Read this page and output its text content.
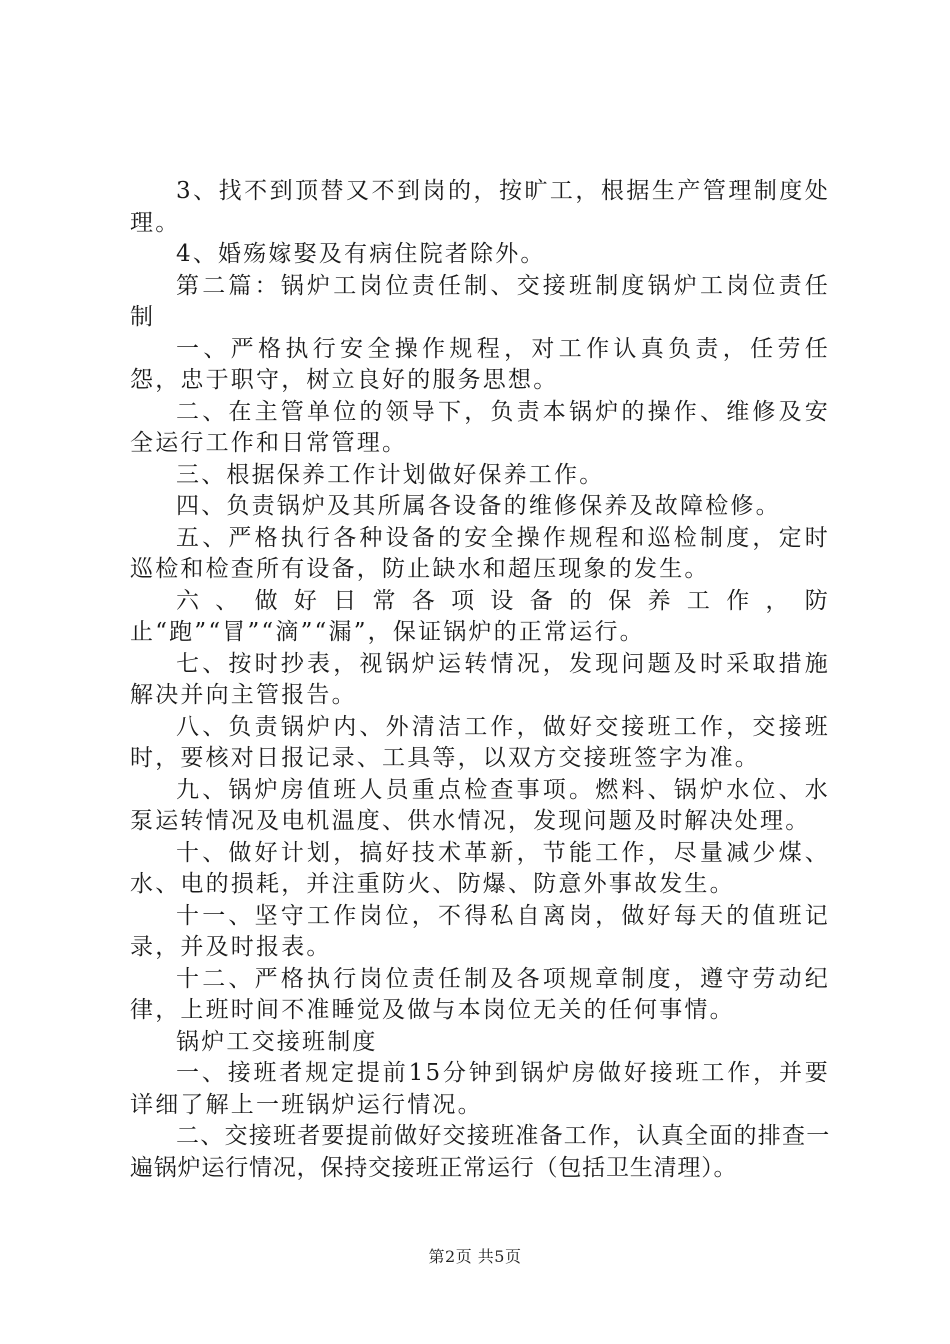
3、找不到顶替又不到岗的，按旷工，根据生产管理制度处理。

4、婚殇嫁娶及有病住院者除外。

第二篇：锅炉工岗位责任制、交接班制度锅炉工岗位责任制

一、严格执行安全操作规程，对工作认真负责，任劳任怨，忠于职守，树立良好的服务思想。

二、在主管单位的领导下，负责本锅炉的操作、维修及安全运行工作和日常管理。

三、根据保养工作计划做好保养工作。

四、负责锅炉及其所属各设备的维修保养及故障检修。

五、严格执行各种设备的安全操作规程和巡检制度，定时巡检和检查所有设备，防止缺水和超压现象的发生。

六、做好日常各项设备的保养工作，防止“跑”“冒”“滴”“漏”，保证锅炉的正常运行。

七、按时抄表，视锅炉运转情况，发现问题及时采取措施解决并向主管报告。

八、负责锅炉内、外清洁工作，做好交接班工作，交接班时，要核对日报记录、工具等，以双方交接班签字为准。

九、锅炉房值班人员重点检查事项。燃料、锅炉水位、水泵运转情况及电机温度、供水情况，发现问题及时解决处理。

十、做好计划，搞好技术革新，节能工作，尽量减少煤、水、电的损耗，并注重防火、防爆、防意外事故发生。

十一、坚守工作岗位，不得私自离岗，做好每天的值班记录，并及时报表。

十二、严格执行岗位责任制及各项规章制度，遵守劳动纪律，上班时间不准睡觉及做与本岗位无关的任何事情。

锅炉工交接班制度

一、接班者规定提前15分钟到锅炉房做好接班工作，并要详细了解上一班锅炉运行情况。

二、交接班者要提前做好交接班准备工作，认真全面的排查一遍锅炉运行情况，保持交接班正常运行（包括卫生清理）。

第2页 共5页
